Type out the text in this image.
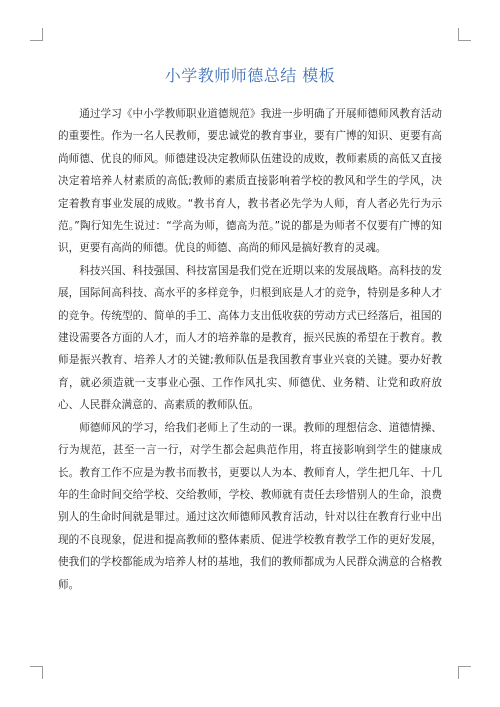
小学教师师德总结 模板

通过学习《中小学教师职业道德规范》我进一步明确了开展师德师风教育活动的重要性。作为一名人民教师，要忠诚党的教育事业，要有广博的知识、更要有高尚师德、优良的师风。师德建设决定教师队伍建设的成败，教师素质的高低又直接决定着培养人材素质的高低;教师的素质直接影响着学校的教风和学生的学风，决定着教育事业发展的成败。“教书育人，教书者必先学为人师，育人者必先行为示范。”陶行知先生说过：“学高为师，德高为范。”说的都是为师者不仅要有广博的知识，更要有高尚的师德。优良的师德、高尚的师风是搞好教育的灵魂。

科技兴国、科技强国、科技富国是我们党在近期以来的发展战略。高科技的发展，国际间高科技、高水平的多样竞争，归根到底是人才的竞争，特别是多种人才的竞争。传统型的、简单的手工、高体力支出低收获的劳动方式已经落后，祖国的建设需要各方面的人才，而人才的培养靠的是教育，振兴民族的希望在于教育。教师是振兴教育、培养人才的关键;教师队伍是我国教育事业兴衰的关键。要办好教育，就必须造就一支事业心强、工作作风扎实、师德优、业务精、让党和政府放心、人民群众满意的、高素质的教师队伍。

师德师风的学习，给我们老师上了生动的一课。教师的理想信念、道德情操、行为规范，甚至一言一行，对学生都会起典范作用，将直接影响到学生的健康成长。教育工作不应是为教书而教书，更要以人为本、教师育人，学生把几年、十几年的生命时间交给学校、交给教师，学校、教师就有责任去珍惜别人的生命，浪费别人的生命时间就是罪过。通过这次师德师风教育活动，针对以往在教育行业中出现的不良现象，促进和提高教师的整体素质、促进学校教育教学工作的更好发展，使我们的学校都能成为培养人材的基地，我们的教师都成为人民群众满意的合格教师。
